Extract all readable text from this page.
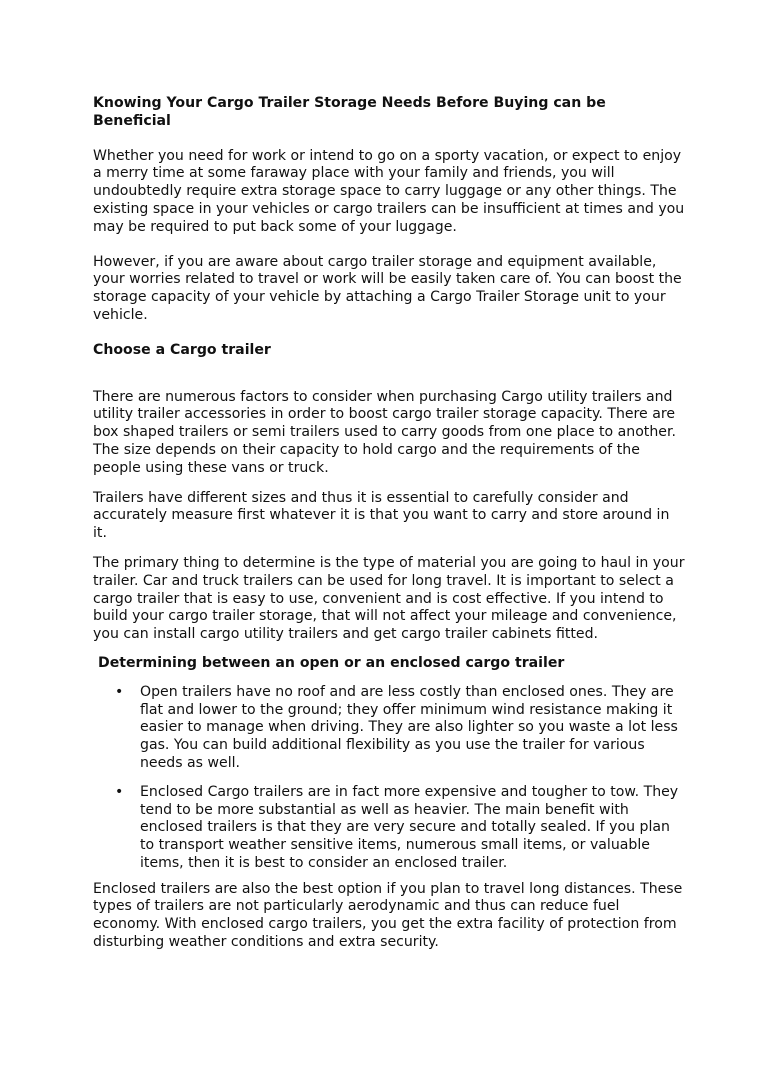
Knowing Your Cargo Trailer Storage Needs Before Buying can be Beneficial

Whether you need for work or intend to go on a sporty vacation, or expect to enjoy a merry time at some faraway place with your family and friends, you will undoubtedly require extra storage space to carry luggage or any other things. The existing space in your vehicles or cargo trailers can be insufficient at times and you may be required to put back some of your luggage.

However, if you are aware about cargo trailer storage and equipment available, your worries related to travel or work will be easily taken care of. You can boost the storage capacity of your vehicle by attaching a Cargo Trailer Storage unit to your vehicle.

Choose a Cargo trailer

There are numerous factors to consider when purchasing Cargo utility trailers and utility trailer accessories in order to boost cargo trailer storage capacity. There are box shaped trailers or semi trailers used to carry goods from one place to another. The size depends on their capacity to hold cargo and the requirements of the people using these vans or truck.

Trailers have different sizes and thus it is essential to carefully consider and accurately measure first whatever it is that you want to carry and store around in it.

The primary thing to determine is the type of material you are going to haul in your trailer. Car and truck trailers can be used for long travel. It is important to select a cargo trailer that is easy to use, convenient and is cost effective. If you intend to build your cargo trailer storage, that will not affect your mileage and convenience, you can install cargo utility trailers and get cargo trailer cabinets fitted.

Determining between an open or an enclosed cargo trailer
• Open trailers have no roof and are less costly than enclosed ones. They are flat and lower to the ground; they offer minimum wind resistance making it easier to manage when driving. They are also lighter so you waste a lot less gas. You can build additional flexibility as you use the trailer for various needs as well.
• Enclosed Cargo trailers are in fact more expensive and tougher to tow. They tend to be more substantial as well as heavier. The main benefit with enclosed trailers is that they are very secure and totally sealed. If you plan to transport weather sensitive items, numerous small items, or valuable items, then it is best to consider an enclosed trailer.

Enclosed trailers are also the best option if you plan to travel long distances. These types of trailers are not particularly aerodynamic and thus can reduce fuel economy. With enclosed cargo trailers, you get the extra facility of protection from disturbing weather conditions and extra security.
